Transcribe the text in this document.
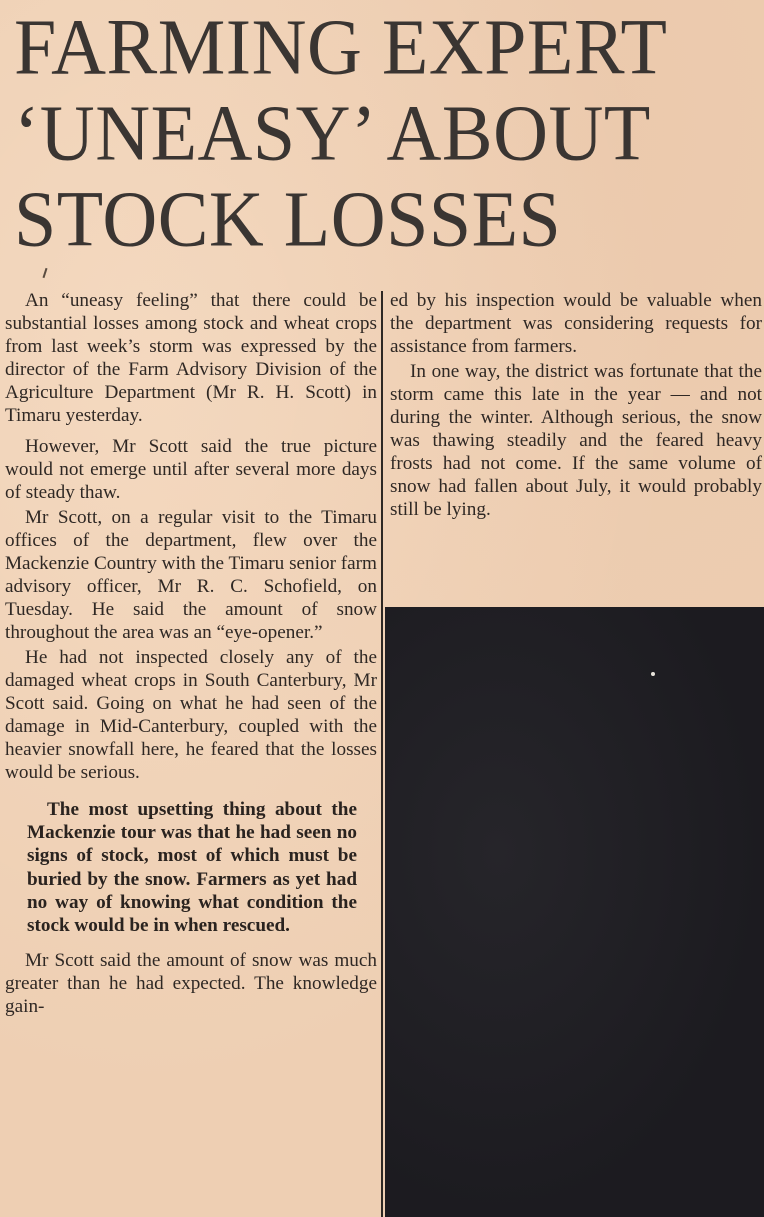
FARMING EXPERT
‘UNEASY’ ABOUT
STOCK LOSSES

An “uneasy feeling” that there could be substantial losses among stock and wheat crops from last week’s storm was expressed by the director of the Farm Advisory Division of the Agriculture Department (Mr R. H. Scott) in Timaru yesterday.

However, Mr Scott said the true picture would not emerge until after several more days of steady thaw.

Mr Scott, on a regular visit to the Timaru offices of the department, flew over the Mackenzie Country with the Timaru senior farm advisory officer, Mr R. C. Schofield, on Tuesday. He said the amount of snow throughout the area was an “eye-opener.”

He had not inspected closely any of the damaged wheat crops in South Canterbury, Mr Scott said. Going on what he had seen of the damage in Mid-Canterbury, coupled with the heavier snowfall here, he feared that the losses would be serious.

The most upsetting thing about the Mackenzie tour was that he had seen no signs of stock, most of which must be buried by the snow. Farmers as yet had no way of knowing what condition the stock would be in when rescued.

Mr Scott said the amount of snow was much greater than he had expected. The knowledge gain-

ed by his inspection would be valuable when the department was considering requests for assistance from farmers.

In one way, the district was fortunate that the storm came this late in the year — and not during the winter. Although serious, the snow was thawing steadily and the feared heavy frosts had not come. If the same volume of snow had fallen about July, it would probably still be lying.
